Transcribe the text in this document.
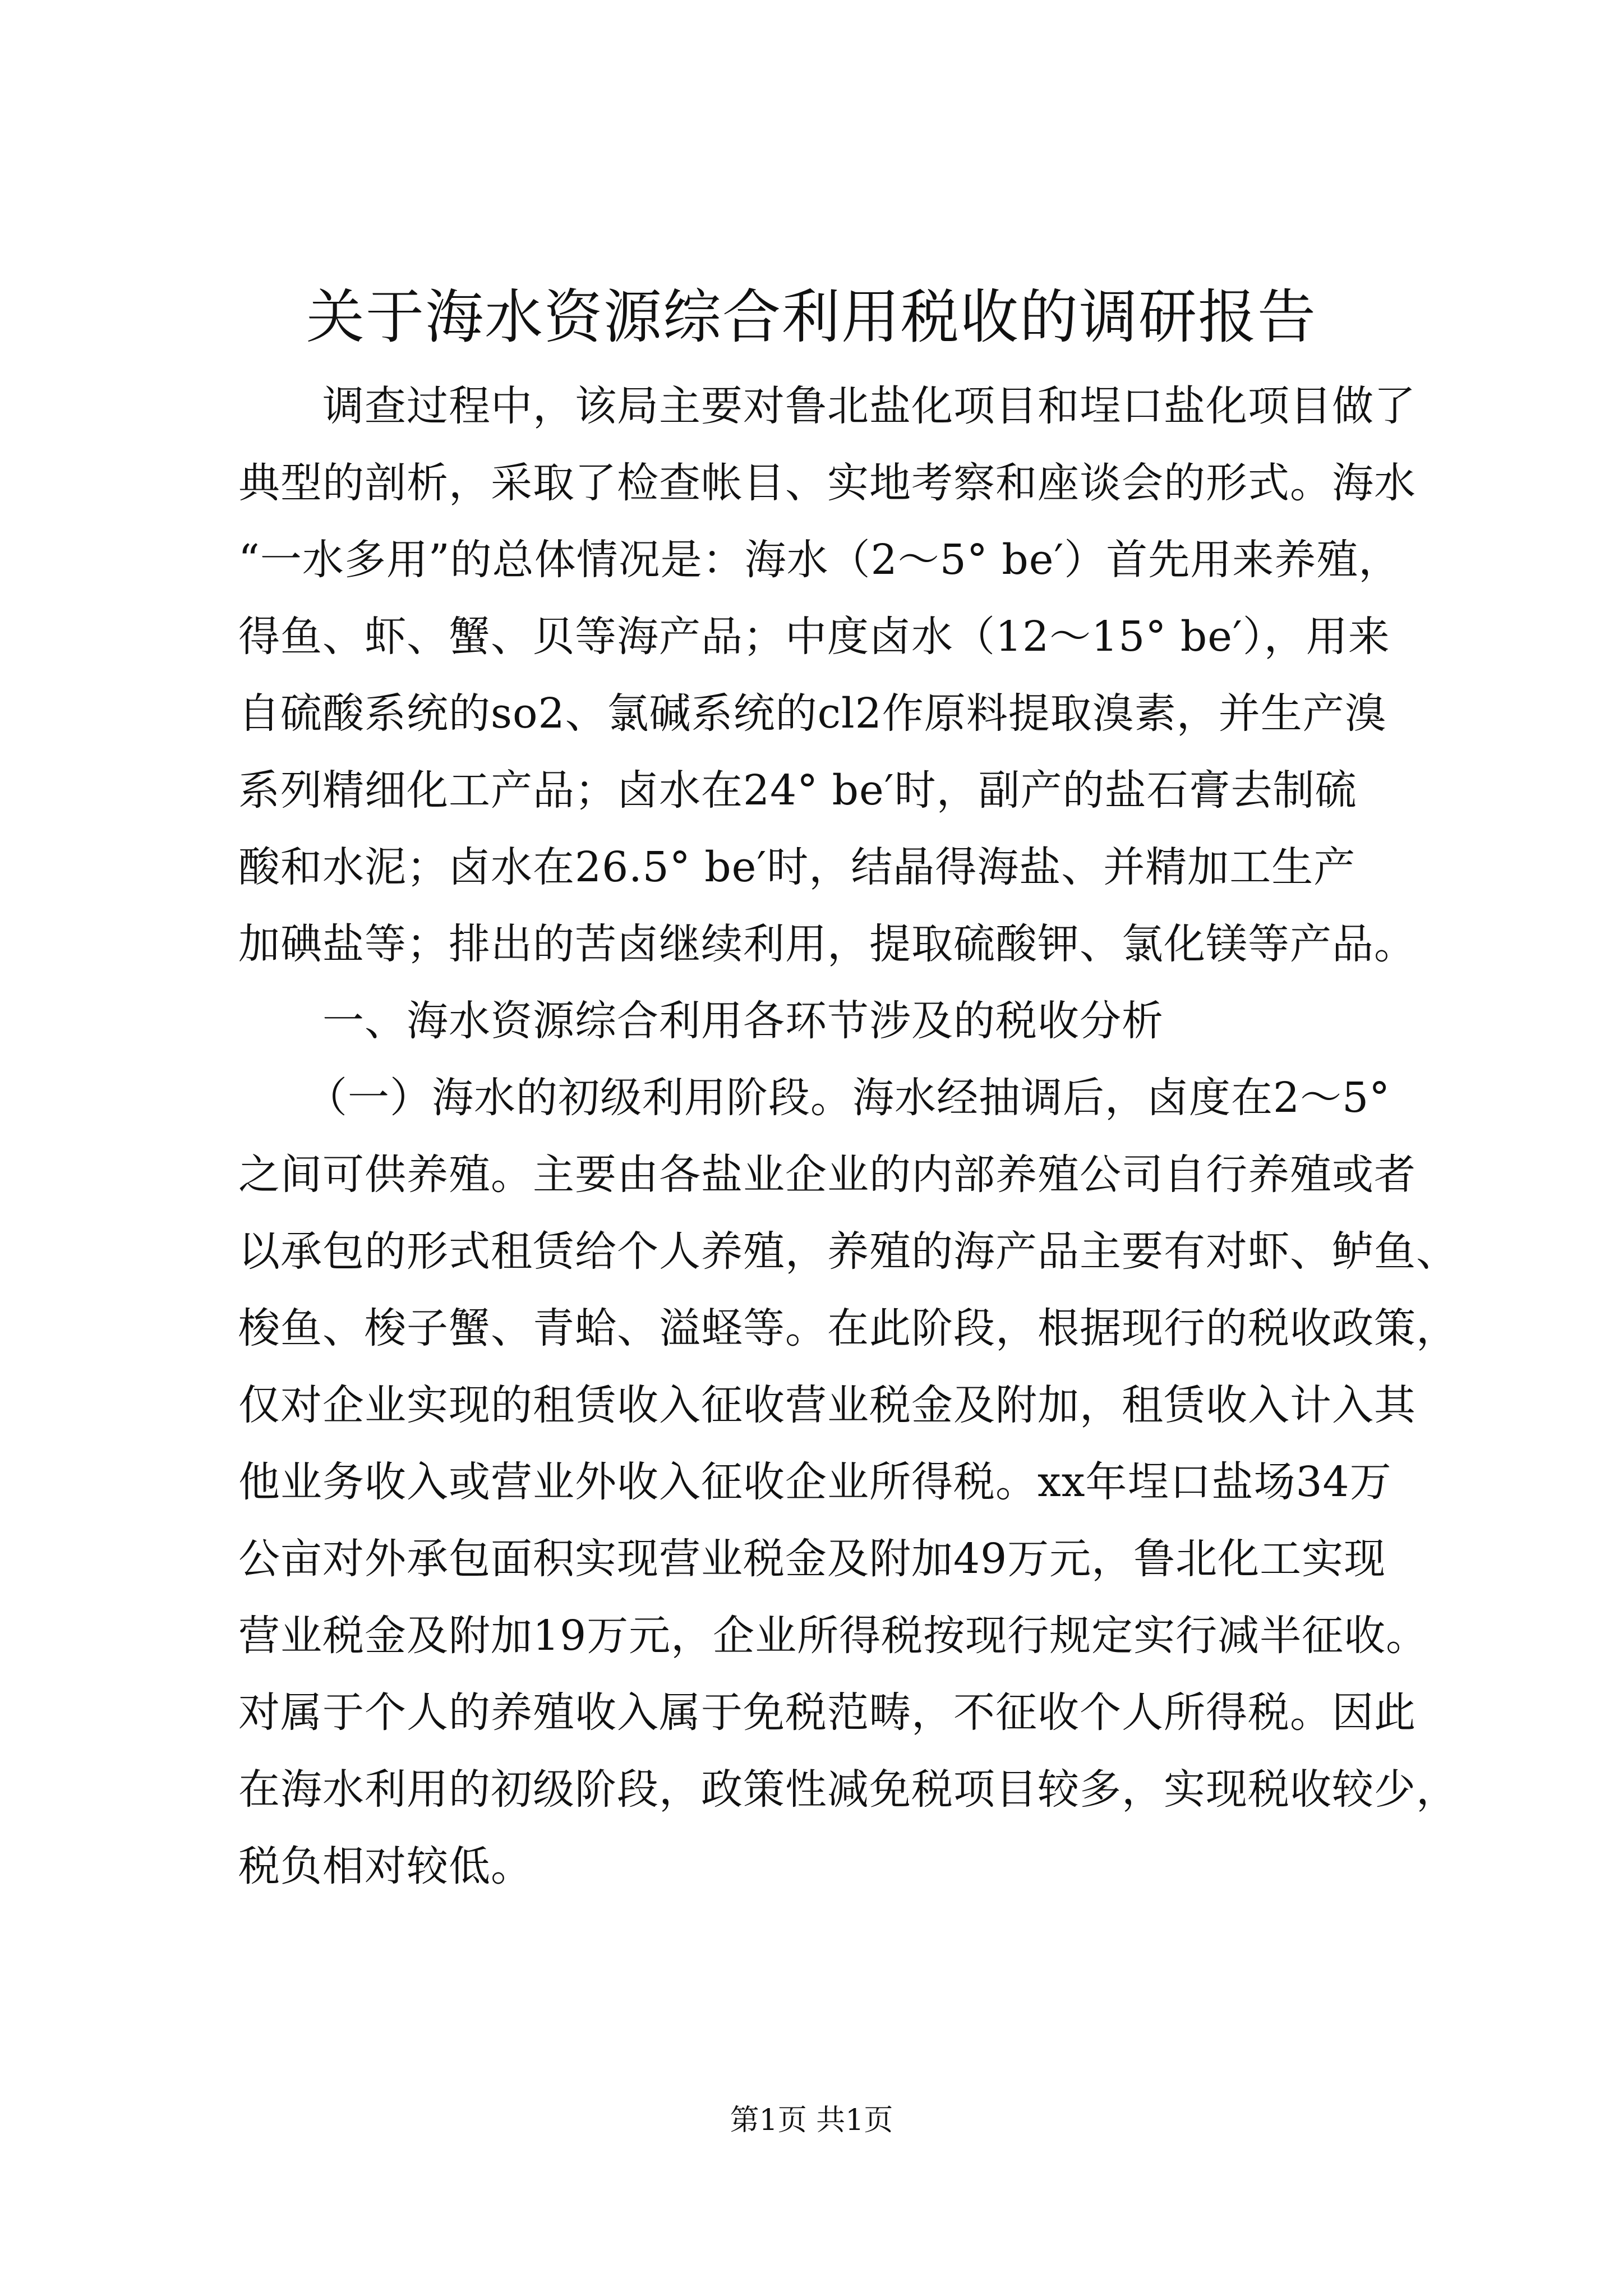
关于海水资源综合利用税收的调研报告
调查过程中，该局主要对鲁北盐化项目和埕口盐化项目做了
典型的剖析，采取了检查帐目、实地考察和座谈会的形式。海水
“一水多用”的总体情况是：海水（2～5° be′）首先用来养殖，
得鱼、虾、蟹、贝等海产品；中度卤水（12～15° be′），用来
自硫酸系统的so2、氯碱系统的cl2作原料提取溴素，并生产溴
系列精细化工产品；卤水在24° be′时，副产的盐石膏去制硫
酸和水泥；卤水在26.5° be′时，结晶得海盐、并精加工生产
加碘盐等；排出的苦卤继续利用，提取硫酸钾、氯化镁等产品。
一、海水资源综合利用各环节涉及的税收分析
（一）海水的初级利用阶段。海水经抽调后，卤度在2～5°
之间可供养殖。主要由各盐业企业的内部养殖公司自行养殖或者
以承包的形式租赁给个人养殖，养殖的海产品主要有对虾、鲈鱼、
梭鱼、梭子蟹、青蛤、溢蛏等。在此阶段，根据现行的税收政策，
仅对企业实现的租赁收入征收营业税金及附加，租赁收入计入其
他业务收入或营业外收入征收企业所得税。xx年埕口盐场34万
公亩对外承包面积实现营业税金及附加49万元，鲁北化工实现
营业税金及附加19万元，企业所得税按现行规定实行减半征收。
对属于个人的养殖收入属于免税范畴，不征收个人所得税。因此
在海水利用的初级阶段，政策性减免税项目较多，实现税收较少，
税负相对较低。
第1页 共1页
